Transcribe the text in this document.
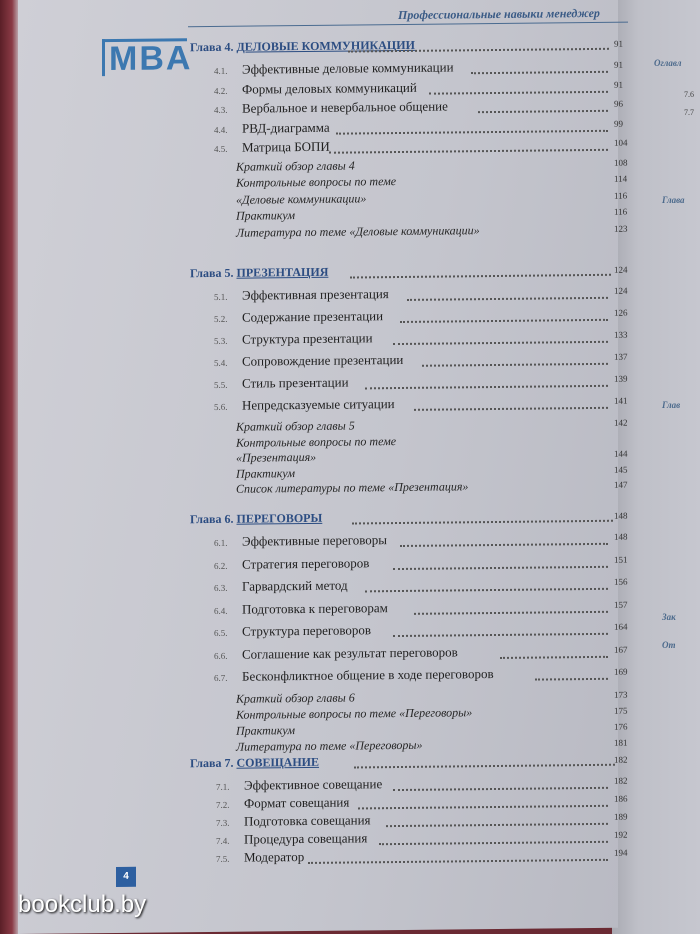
Оглавл
Глава
Глав
Зак
От
7.6
7.7
Профессиональные навыки менеджер
MBA
Глава 4. ДЕЛОВЫЕ КОММУНИКАЦИИ	91
4.1. Эффективные деловые коммуникации	91
4.2. Формы деловых коммуникаций	91
4.3. Вербальное и невербальное общение	96
4.4. РВД-диаграмма	99
4.5. Матрица БОПИ	104
Краткий обзор главы 4	108
Контрольные вопросы по теме	114
«Деловые коммуникации»	116
Практикум	116
Литература по теме «Деловые коммуникации»	123
Глава 5. ПРЕЗЕНТАЦИЯ	124
5.1. Эффективная презентация	124
5.2. Содержание презентации	126
5.3. Структура презентации	133
5.4. Сопровождение презентации	137
5.5. Стиль презентации	139
5.6. Непредсказуемые ситуации	141
Краткий обзор главы 5	142
Контрольные вопросы по теме
«Презентация»	144
Практикум	145
Список литературы по теме «Презентация»	147
Глава 6. ПЕРЕГОВОРЫ	148
6.1. Эффективные переговоры	148
6.2. Стратегия переговоров	151
6.3. Гарвардский метод	156
6.4. Подготовка к переговорам	157
6.5. Структура переговоров	164
6.6. Соглашение как результат переговоров	167
6.7. Бесконфликтное общение в ходе переговоров	169
Краткий обзор главы 6	173
Контрольные вопросы по теме «Переговоры»	175
Практикум	176
Литература по теме «Переговоры»	181
Глава 7. СОВЕЩАНИЕ	182
7.1. Эффективное совещание	182
7.2. Формат совещания	186
7.3. Подготовка совещания	189
7.4. Процедура совещания	192
7.5. Модератор	194
4
bookclub.by
